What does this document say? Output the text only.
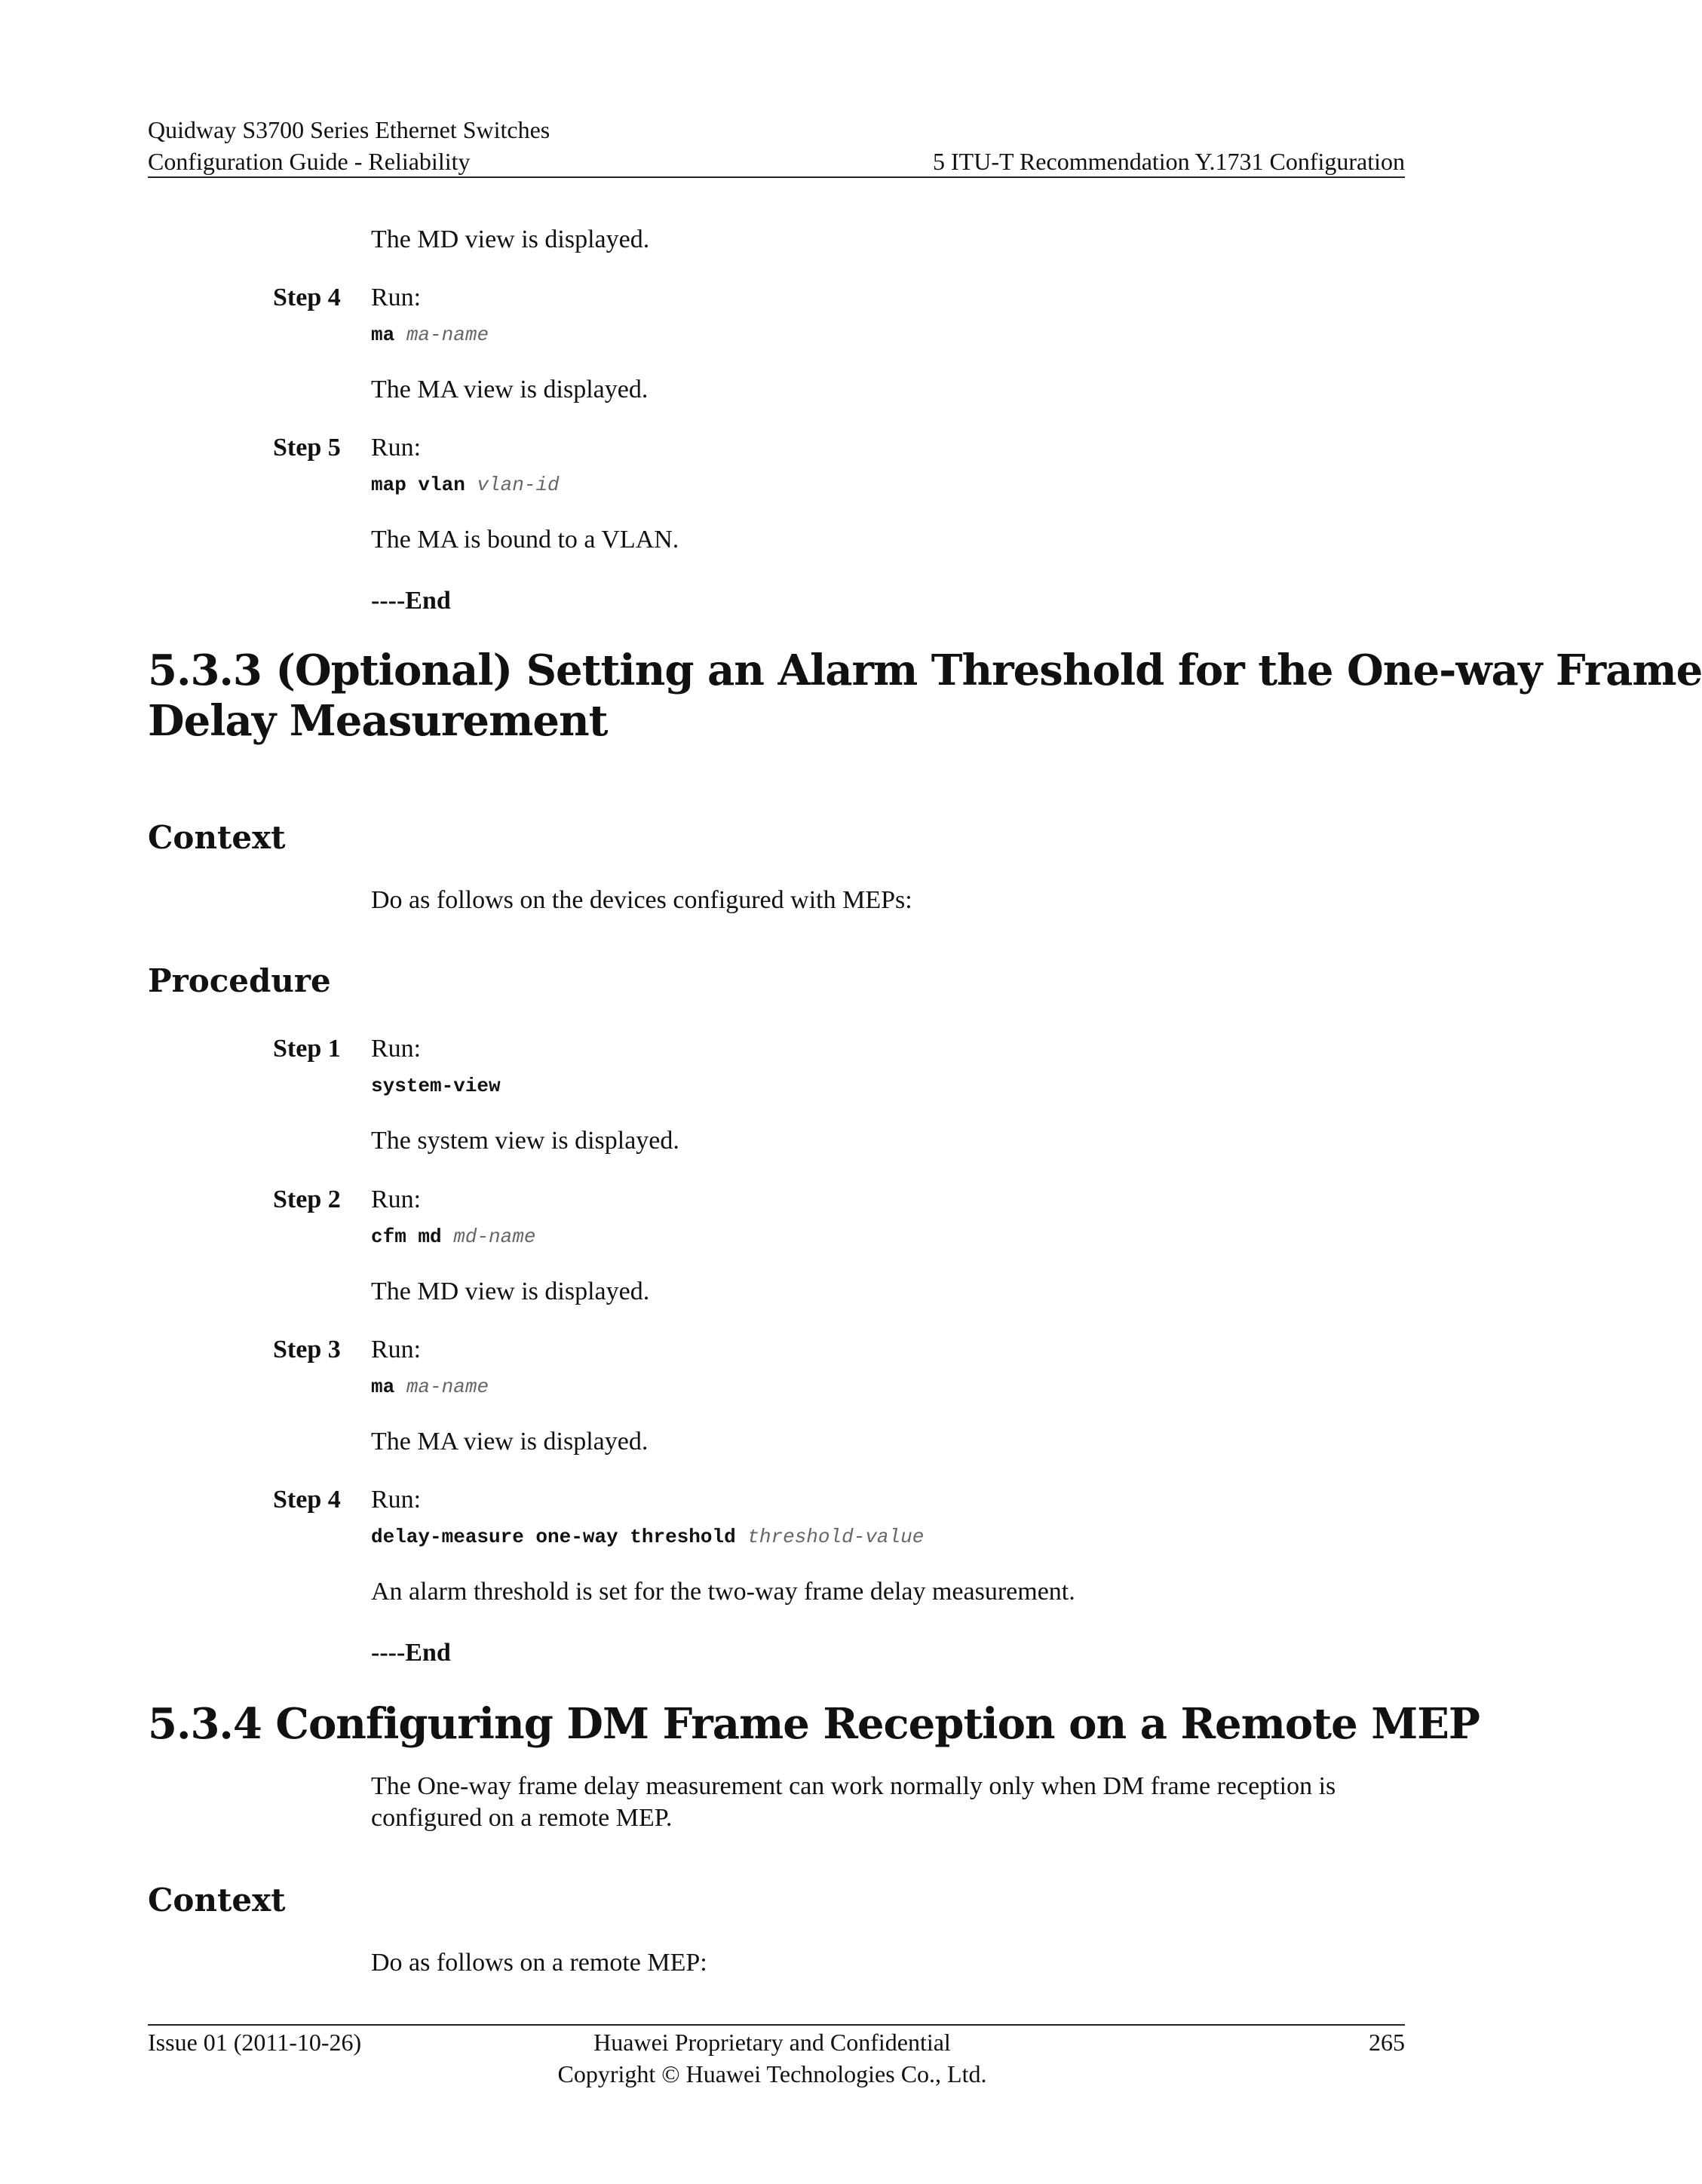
Quidway S3700 Series Ethernet Switches
Configuration Guide - Reliability	5 ITU-T Recommendation Y.1731 Configuration
The MD view is displayed.
Step 4 Run:
ma ma-name
The MA view is displayed.
Step 5 Run:
map vlan vlan-id
The MA is bound to a VLAN.
----End
5.3.3 (Optional) Setting an Alarm Threshold for the One-way Frame
Delay Measurement
Context
Do as follows on the devices configured with MEPs:
Procedure
Step 1 Run:
system-view
The system view is displayed.
Step 2 Run:
cfm md md-name
The MD view is displayed.
Step 3 Run:
ma ma-name
The MA view is displayed.
Step 4 Run:
delay-measure one-way threshold threshold-value
An alarm threshold is set for the two-way frame delay measurement.
----End
5.3.4 Configuring DM Frame Reception on a Remote MEP
The One-way frame delay measurement can work normally only when DM frame reception is configured on a remote MEP.
Context
Do as follows on a remote MEP:
Issue 01 (2011-10-26)	Huawei Proprietary and Confidential
Copyright © Huawei Technologies Co., Ltd.
265
